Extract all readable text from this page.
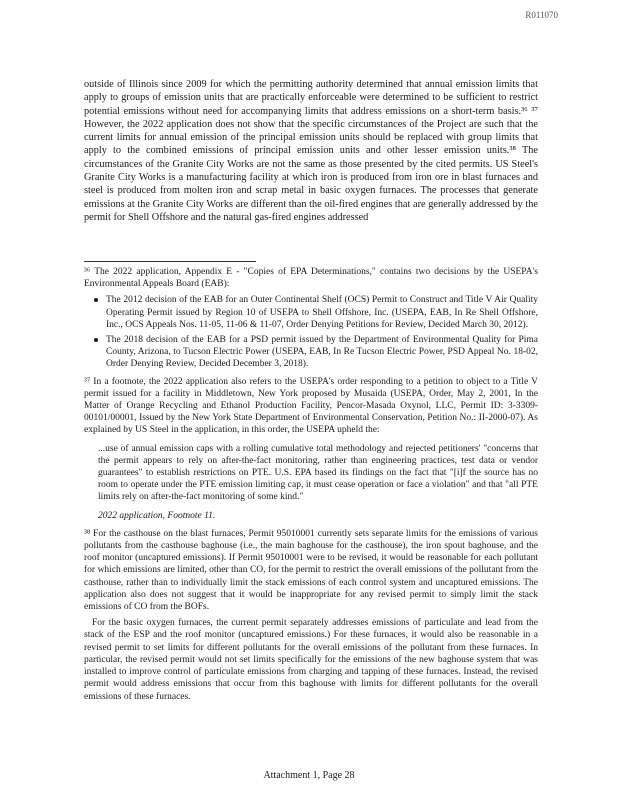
R011070

outside of Illinois since 2009 for which the permitting authority determined that annual emission limits that apply to groups of emission units that are practically enforceable were determined to be sufficient to restrict potential emissions without need for accompanying limits that address emissions on a short-term basis.³⁶ ³⁷ However, the 2022 application does not show that the specific circumstances of the Project are such that the current limits for annual emission of the principal emission units should be replaced with group limits that apply to the combined emissions of principal emission units and other lesser emission units.³⁸ The circumstances of the Granite City Works are not the same as those presented by the cited permits. US Steel's Granite City Works is a manufacturing facility at which iron is produced from iron ore in blast furnaces and steel is produced from molten iron and scrap metal in basic oxygen furnaces. The processes that generate emissions at the Granite City Works are different than the oil-fired engines that are generally addressed by the permit for Shell Offshore and the natural gas-fired engines addressed

³⁶ The 2022 application, Appendix E - "Copies of EPA Determinations," contains two decisions by the USEPA's Environmental Appeals Board (EAB):

The 2012 decision of the EAB for an Outer Continental Shelf (OCS) Permit to Construct and Title V Air Quality Operating Permit issued by Region 10 of USEPA to Shell Offshore, Inc. (USEPA, EAB, In Re Shell Offshore, Inc., OCS Appeals Nos. 11-05, 11-06 & 11-07, Order Denying Petitions for Review, Decided March 30, 2012).
The 2018 decision of the EAB for a PSD permit issued by the Department of Environmental Quality for Pima County, Arizona, to Tucson Electric Power (USEPA, EAB, In Re Tucson Electric Power, PSD Appeal No. 18-02, Order Denying Review, Decided December 3, 2018).

³⁷ In a footnote, the 2022 application also refers to the USEPA's order responding to a petition to object to a Title V permit issued for a facility in Middletown, New York proposed by Musaida (USEPA, Order, May 2, 2001, In the Matter of Orange Recycling and Ethanol Production Facility, Pencor-Masada Oxynol, LLC, Permit ID: 3-3309-00101/00001, Issued by the New York State Department of Environmental Conservation, Petition No.: II-2000-07). As explained by US Steel in the application, in this order, the USEPA upheld the:

...use of annual emission caps with a rolling cumulative total methodology and rejected petitioners' "concerns that the permit appears to rely on after-the-fact monitoring, rather than engineering practices, test data or vendor guarantees" to establish restrictions on PTE. U.S. EPA based its findings on the fact that "[i]f the source has no room to operate under the PTE emission limiting cap, it must cease operation or face a violation" and that "all PTE limits rely on after-the-fact monitoring of some kind."

2022 application, Footnote 11.

³⁸ For the casthouse on the blast furnaces, Permit 95010001 currently sets separate limits for the emissions of various pollutants from the casthouse baghouse (i.e., the main baghouse for the casthouse), the iron spout baghouse, and the roof monitor (uncaptured emissions). If Permit 95010001 were to be revised, it would be reasonable for each pollutant for which emissions are limited, other than CO, for the permit to restrict the overall emissions of the pollutant from the casthouse, rather than to individually limit the stack emissions of each control system and uncaptured emissions. The application also does not suggest that it would be inappropriate for any revised permit to simply limit the stack emissions of CO from the BOFs.

For the basic oxygen furnaces, the current permit separately addresses emissions of particulate and lead from the stack of the ESP and the roof monitor (uncaptured emissions.) For these furnaces, it would also be reasonable in a revised permit to set limits for different pollutants for the overall emissions of the pollutant from these furnaces. In particular, the revised permit would not set limits specifically for the emissions of the new baghouse system that was installed to improve control of particulate emissions from charging and tapping of these furnaces. Instead, the revised permit would address emissions that occur from this baghouse with limits for different pollutants for the overall emissions of these furnaces.

Attachment 1, Page 28
